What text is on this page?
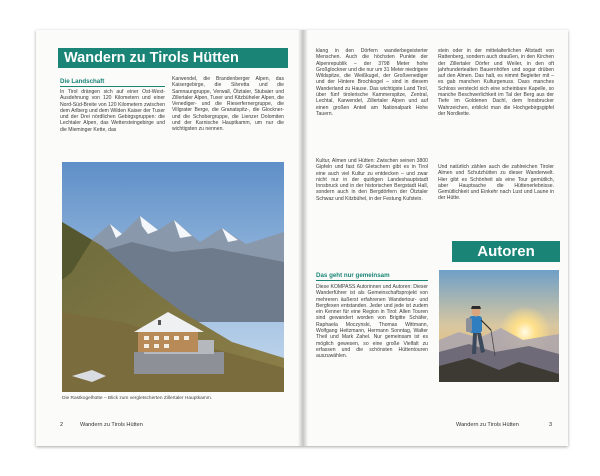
Wandern zu Tirols Hütten
Die Landschaft
In Tirol drängen sich auf einer Ost-West-Ausdehnung von 120 Kilometern und einer Nord-Süd-Breite von 120 Kilometern zwischen dem Arlberg und dem Wilden Kaiser der Tuxer und der Drei nördlichen Gebirgsgruppen: die Lechtaler Alpen, das Wettersteingebirge und die Mieminger Kette, das
Karwendel, die Brandenberger Alpen, das Kaisergebirge, die Silvretta und die Samnaungruppe, Verwall, Ötztaler, Stubaier und Zillertaler Alpen, Tuxer und Kitzbüheler Alpen, die Venediger- und die Rieserfernergruppe, die Villgrater Berge, die Granatspitz-, die Glockner- und die Schobergruppe, die Lienzer Dolomiten und der Karnische Hauptkamm, um nur die wichtigsten zu nennen.
Die Rastkogelhütte – Blick zum vergletscherten Zillertaler Hauptkamm.
2	Wandern zu Tirols Hütten
klang in den Dörfern wanderbegeisterter Menschen. Auch die höchsten Punkte der Alpenrepublik – der 3798 Meter hohe Großglockner und die nur um 31 Meter niedrigere Wildspitze, die Weißkugel, der Großvenediger und der Hintere Brochkogel – sind in diesem Wanderland zu Hause. Das wichtigste Land Tirol, über fünf tirolerische Kammerspitze, Zentral, Lechtal, Karwendel, Zillertaler Alpen und auf einen großen Anteil am Nationalpark Hohe Tauern.
Kultur, Almen und Hütten: Zwischen seinen 3800 Gipfeln und fast 60 Gletschern gibt es in Tirol eine auch viel Kultur zu entdecken – und zwar nicht nur in der quirligen Landeshauptstadt Innsbruck und in der historischen Bergstadt Hall, sondern auch in den Bergdörfern der Ötztaler Schwaz und Kitzbühel, in der Festung Kufstein.
stein oder in der mittelalterlichen Altstadt von Rattenberg, sondern auch draußen, in den Kirchen der Zillertaler Dörfer und Weiler, in den oft jahrhundertealten Bauernhöfen und sogar drüben auf den Almen. Das halt, es nimmt Begleiter mit – es gab manchen Kulturgenuss. Dass manches Schloss versteckt sich eine scheinbare Kapelle, so manche Beschwerlichkeit im Tal der Berg aus der Tiefe im Goldenen Dachl, dem Innsbrucker Wahrzeichen, erblickt man die Hochgebirgsgipfel der Nordkette.
Und natürlich zählen auch die zahlreichen Tiroler Almen und Schutzhütten zu dieser Wanderwelt. Hier gibt es Schönheit als eine Tour gemütlich, aber Hauptsache die Hüttenerlebnisse. Gemütlichkeit und Einkehr nach Lust und Laune in der Hütte.
Autoren
Das geht nur gemeinsam
Diese KOMPASS Autorinnen und Autoren: Dieser Wanderführer ist als Gemeinschaftsprojekt von mehreren äußerst erfahrenen Wandertour- und Bergfexen entstanden. Jeder und jede ist zudem ein Kenner für eine Region in Tirol: Allen Touren sind gewandert worden von Brigitte Schäfer, Raphaela Moczynski, Thomas Wittmann, Wolfgang Heitzmann, Hermann Sonntag, Walter Theil und Mark Zahel. Nur gemeinsam ist es möglich gewesen, so eine große Vielfalt zu erfassen und die schönsten Hüttentouren auszuwählen.
Wandern zu Tirols Hütten	3
